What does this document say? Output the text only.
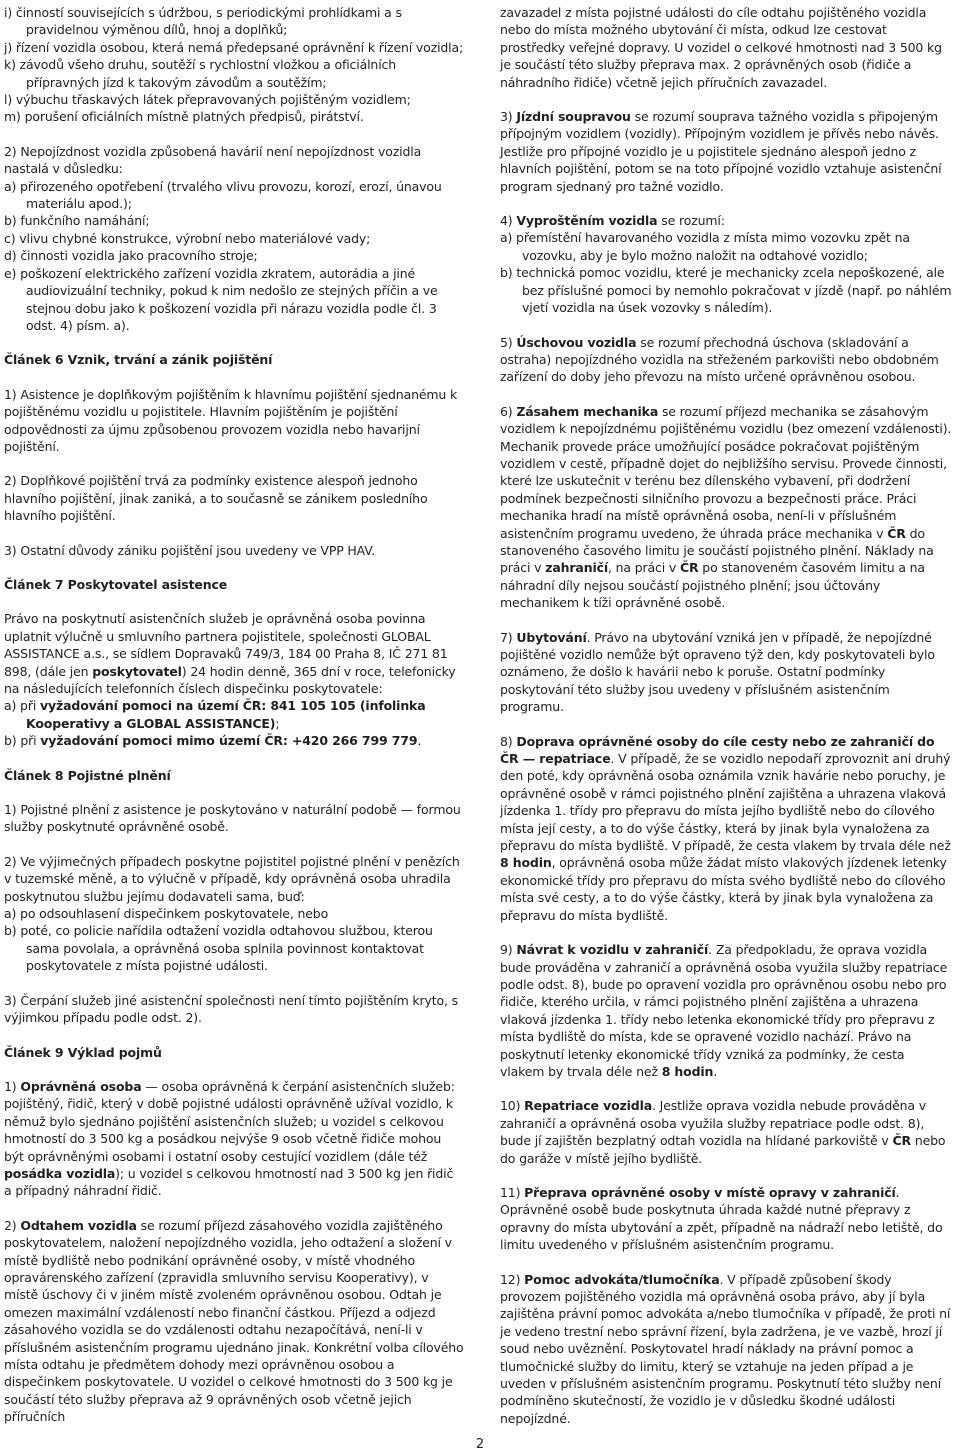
i) činností souvisejících s údržbou, s periodickými prohlídkami a s pravidelnou výměnou dílů, hnoj a doplňků;

j) řízení vozidla osobou, která nemá předepsané oprávnění k řízení vozidla;

k) závodů všeho druhu, soutěží s rychlostní vložkou a oficiálních přípravných jízd k takovým závodům a soutěžím;

l) výbuchu třaskavých látek přepravovaných pojištěným vozidlem;

m) porušení oficiálních místně platných předpisů, pirátství.

2) Nepojízdnost vozidla způsobená havárií není nepojízdnost vozidla nastalá v důsledku:

a) přirozeného opotřebení (trvalého vlivu provozu, korozí, erozí, únavou materiálu apod.);

b) funkčního namáhání;

c) vlivu chybné konstrukce, výrobní nebo materiálové vady;

d) činnosti vozidla jako pracovního stroje;

e) poškození elektrického zařízení vozidla zkratem, autorádia a jiné audiovizuální techniky, pokud k nim nedošlo ze stejných příčin a ve stejnou dobu jako k poškození vozidla při nárazu vozidla podle čl. 3 odst. 4) písm. a).

Článek 6 Vznik, trvání a zánik pojištění

1) Asistence je doplňkovým pojištěním k hlavnímu pojištění sjednanému k pojištěnému vozidlu u pojistitele. Hlavním pojištěním je pojištění odpovědnosti za újmu způsobenou provozem vozidla nebo havarijní pojištění.

2) Doplňkové pojištění trvá za podmínky existence alespoň jednoho hlavního pojištění, jinak zaniká, a to současně se zánikem posledního hlavního pojištění.

3) Ostatní důvody zániku pojištění jsou uvedeny ve VPP HAV.

Článek 7 Poskytovatel asistence

Právo na poskytnutí asistenčních služeb je oprávněná osoba povinna uplatnit výlučně u smluvního partnera pojistitele, společnosti GLOBAL ASSISTANCE a.s., se sídlem Dopravaků 749/3, 184 00 Praha 8, IČ 271 81 898, (dále jen poskytovatel) 24 hodin denně, 365 dní v roce, telefonicky na následujících telefonních číslech dispečinku poskytovatele:

a) při vyžadování pomoci na území ČR: 841 105 105 (infolinka Kooperativy a GLOBAL ASSISTANCE);

b) při vyžadování pomoci mimo území ČR: +420 266 799 779.

Článek 8 Pojistné plnění

1) Pojistné plnění z asistence je poskytováno v naturální podobě — formou služby poskytnuté oprávněné osobě.

2) Ve výjimečných případech poskytne pojistitel pojistné plnění v penězích v tuzemské měně, a to výlučně v případě, kdy oprávněná osoba uhradila poskytnutou službu jejímu dodavateli sama, buď:

a) po odsouhlasení dispečinkem poskytovatele, nebo

b) poté, co policie nařídila odtažení vozidla odtahovou službou, kterou sama povolala, a oprávněná osoba splnila povinnost kontaktovat poskytovatele z místa pojistné události.

3) Čerpání služeb jiné asistenční společnosti není tímto pojištěním kryto, s výjimkou případu podle odst. 2).

Článek 9 Výklad pojmů

1) Oprávněná osoba — osoba oprávněná k čerpání asistenčních služeb: pojištěný, řidič, který v době pojistné události oprávněně užíval vozidlo, k němuž bylo sjednáno pojištění asistenčních služeb; u vozidel s celkovou hmotností do 3 500 kg a posádkou nejvýše 9 osob včetně řidiče mohou být oprávněnými osobami i ostatní osoby cestující vozidlem (dále též posádka vozidla); u vozidel s celkovou hmotností nad 3 500 kg jen řidič a případný náhradní řidič.

2) Odtahem vozidla se rozumí příjezd zásahového vozidla zajištěného poskytovatelem, naložení nepojízdného vozidla, jeho odtažení a složení v místě bydliště nebo podnikání oprávněné osoby, v místě vhodného opravárenského zařízení (zpravidla smluvního servisu Kooperativy), v místě úschovy či v jiném místě zvoleném oprávněnou osobou. Odtah je omezen maximální vzdáleností nebo finanční částkou. Příjezd a odjezd zásahového vozidla se do vzdálenosti odtahu nezapočítává, není-li v příslušném asistenčním programu ujednáno jinak. Konkrétní volba cílového místa odtahu je předmětem dohody mezi oprávněnou osobou a dispečinkem poskytovatele. U vozidel o celkové hmotnosti do 3 500 kg je součástí této služby přeprava až 9 oprávněných osob včetně jejich příručních

zavazadel z místa pojistné události do cíle odtahu pojištěného vozidla nebo do místa možného ubytování či místa, odkud lze cestovat prostředky veřejné dopravy. U vozidel o celkové hmotnosti nad 3 500 kg je součástí této služby přeprava max. 2 oprávněných osob (řidiče a náhradního řidiče) včetně jejich příručních zavazadel.

3) Jízdní soupravou se rozumí souprava tažného vozidla s připojeným přípojným vozidlem (vozidly). Přípojným vozidlem je přívěs nebo návěs. Jestliže pro přípojné vozidlo je u pojistitele sjednáno alespoň jedno z hlavních pojištění, potom se na toto přípojné vozidlo vztahuje asistenční program sjednaný pro tažné vozidlo.

4) Vyproštěním vozidla se rozumí:

a) přemístění havarovaného vozidla z místa mimo vozovku zpět na vozovku, aby je bylo možno naložit na odtahové vozidlo;

b) technická pomoc vozidlu, které je mechanicky zcela nepoškozené, ale bez příslušné pomoci by nemohlo pokračovat v jízdě (např. po náhlém vjetí vozidla na úsek vozovky s náledím).

5) Úschovou vozidla se rozumí přechodná úschova (skladování a ostraha) nepojízdného vozidla na střeženém parkovišti nebo obdobném zařízení do doby jeho převozu na místo určené oprávněnou osobou.

6) Zásahem mechanika se rozumí příjezd mechanika se zásahovým vozidlem k nepojízdnému pojištěnému vozidlu (bez omezení vzdálenosti). Mechanik provede práce umožňující posádce pokračovat pojištěným vozidlem v cestě, případně dojet do nejbližšího servisu. Provede činnosti, které lze uskutečnit v terénu bez dílenského vybavení, při dodržení podmínek bezpečnosti silničního provozu a bezpečnosti práce. Práci mechanika hradí na místě oprávněná osoba, není-li v příslušném asistenčním programu uvedeno, že úhrada práce mechanika v ČR do stanoveného časového limitu je součástí pojistného plnění. Náklady na práci v zahraničí, na práci v ČR po stanoveném časovém limitu a na náhradní díly nejsou součástí pojistného plnění; jsou účtovány mechanikem k tíži oprávněné osobě.

7) Ubytování. Právo na ubytování vzniká jen v případě, že nepojízdné pojištěné vozidlo nemůže být opraveno týž den, kdy poskytovateli bylo oznámeno, že došlo k havárii nebo k poruše. Ostatní podmínky poskytování této služby jsou uvedeny v příslušném asistenčním programu.

8) Doprava oprávněné osoby do cíle cesty nebo ze zahraničí do ČR — repatriace. V případě, že se vozidlo nepodaří zprovoznit ani druhý den poté, kdy oprávněná osoba oznámila vznik havárie nebo poruchy, je oprávněné osobě v rámci pojistného plnění zajištěna a uhrazena vlaková jízdenka 1. třídy pro přepravu do místa jejího bydliště nebo do cílového místa její cesty, a to do výše částky, která by jinak byla vynaložena za přepravu do místa bydliště. V případě, že cesta vlakem by trvala déle než 8 hodin, oprávněná osoba může žádat místo vlakových jízdenek letenky ekonomické třídy pro přepravu do místa svého bydliště nebo do cílového místa své cesty, a to do výše částky, která by jinak byla vynaložena za přepravu do místa bydliště.

9) Návrat k vozidlu v zahraničí. Za předpokladu, že oprava vozidla bude prováděna v zahraničí a oprávněná osoba využila služby repatriace podle odst. 8), bude po opravení vozidla pro oprávněnou osobu nebo pro řidiče, kterého určila, v rámci pojistného plnění zajištěna a uhrazena vlaková jízdenka 1. třídy nebo letenka ekonomické třídy pro přepravu z místa bydliště do místa, kde se opravené vozidlo nachází. Právo na poskytnutí letenky ekonomické třídy vzniká za podmínky, že cesta vlakem by trvala déle než 8 hodin.

10) Repatriace vozidla. Jestliže oprava vozidla nebude prováděna v zahraničí a oprávněná osoba využila služby repatriace podle odst. 8), bude jí zajištěn bezplatný odtah vozidla na hlídané parkoviště v ČR nebo do garáže v místě jejího bydliště.

11) Přeprava oprávněné osoby v místě opravy v zahraničí. Oprávněné osobě bude poskytnuta úhrada každé nutné přepravy z opravny do místa ubytování a zpět, případně na nádraží nebo letiště, do limitu uvedeného v příslušném asistenčním programu.

12) Pomoc advokáta/tlumočníka. V případě způsobení škody provozem pojištěného vozidla má oprávněná osoba právo, aby jí byla zajištěna právní pomoc advokáta a/nebo tlumočníka v případě, že proti ní je vedeno trestní nebo správní řízení, byla zadržena, je ve vazbě, hrozí jí soud nebo uvěznění. Poskytovatel hradí náklady na právní pomoc a tlumočnické služby do limitu, který se vztahuje na jeden případ a je uveden v příslušném asistenčním programu. Poskytnutí této služby není podmíněno skutečností, že vozidlo je v důsledku škodné události nepojízdné.

2
